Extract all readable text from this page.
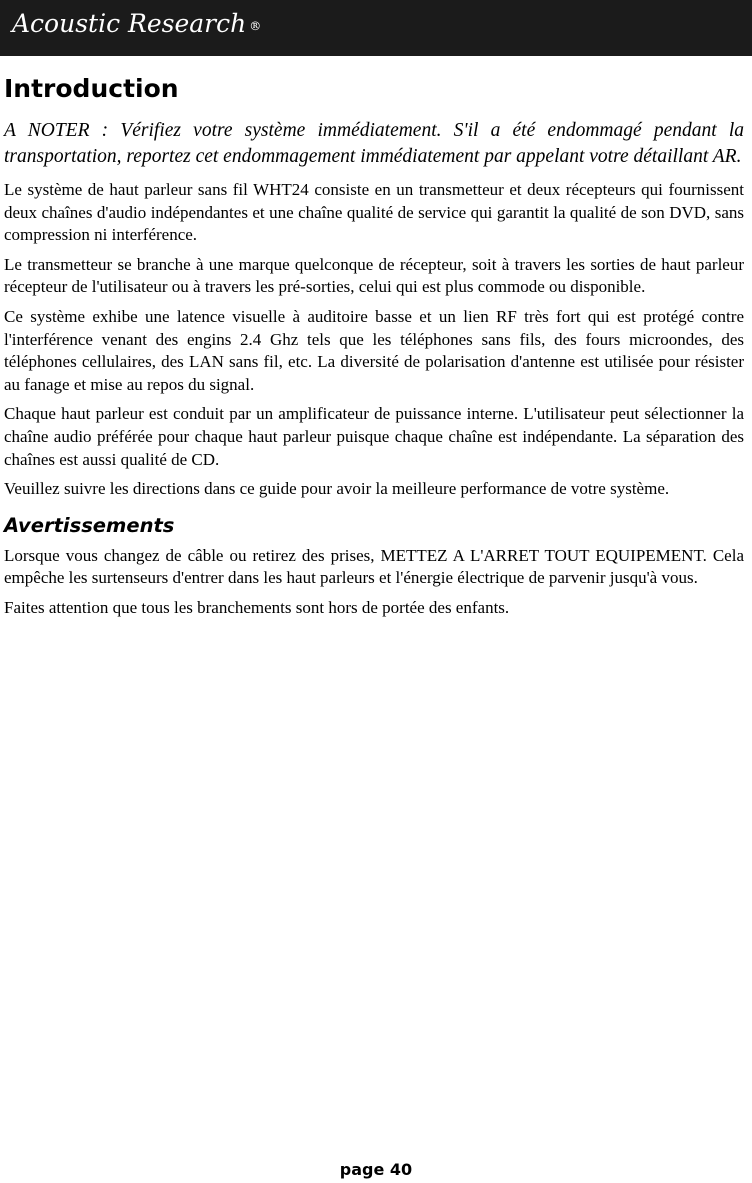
Acoustic Research ®
Introduction

A NOTER : Vérifiez votre système immédiatement. S'il a été endommagé pendant la transportation, reportez cet endommagement immédiatement par appelant votre détaillant AR.

Le système de haut parleur sans fil WHT24 consiste en un transmetteur et deux récepteurs qui fournissent deux chaînes d'audio indépendantes et une chaîne qualité de service qui garantit la qualité de son DVD, sans compression ni interférence.

Le transmetteur se branche à une marque quelconque de récepteur, soit à travers les sorties de haut parleur récepteur de l'utilisateur ou à travers les pré-sorties, celui qui est plus commode ou disponible.

Ce système exhibe une latence visuelle à auditoire basse et un lien RF très fort qui est protégé contre l'interférence venant des engins 2.4 Ghz tels que les téléphones sans fils, des fours microondes, des téléphones cellulaires, des LAN sans fil, etc. La diversité de polarisation d'antenne est utilisée pour résister au fanage et mise au repos du signal.

Chaque haut parleur est conduit par un amplificateur de puissance interne. L'utilisateur peut sélectionner la chaîne audio préférée pour chaque haut parleur puisque chaque chaîne est indépendante. La séparation des chaînes est aussi qualité de CD.

Veuillez suivre les directions dans ce guide pour avoir la meilleure performance de votre système.

Avertissements

Lorsque vous changez de câble ou retirez des prises, METTEZ A L'ARRET TOUT EQUIPEMENT. Cela empêche les surtenseurs d'entrer dans les haut parleurs et l'énergie électrique de parvenir jusqu'à vous.

Faites attention que tous les branchements sont hors de portée des enfants.

page 40
